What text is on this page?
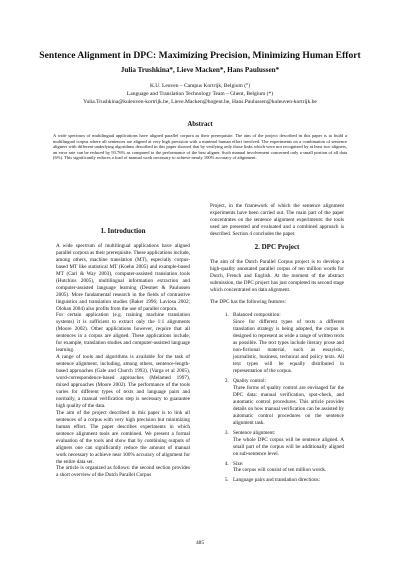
Sentence Alignment in DPC: Maximizing Precision, Minimizing Human Effort
Julia Trushkina*, Lieve Macken*, Hans Paulussen*
K.U. Leuven – Campus Kortrijk, Belgium (°)
Language and Translation Technology Team – Ghent, Belgium (*)
Yulia.Trushkina@kuleuven-kortrijk.be, Lieve.Macken@hogent.be, Hans.Paulussen@kuleuven-kortrijk.be
Abstract
A wide spectrum of multilingual applications have aligned parallel corpora as their prerequisite. The aim of the project described in this paper is to build a multilingual corpus where all sentences are aligned at very high precision with a minimal human effort involved. The experiments on a combination of sentence aligners with different underlying algorithms described in this paper showed that by verifying only those links which were not recognized by at least two aligners, an error rate can be reduced by 93.76% as compared to the performance of the best aligner. Such manual involvement concerned only a small portion of all data (6%). This significantly reduces a load of manual work necessary to achieve nearly 100% accuracy of alignment.
1. Introduction

A wide spectrum of multilingual applications have aligned parallel corpora as their prerequisite. These applications include, among others, machine translation (MT), especially corpus-based MT like statistical MT (Koehn 2005) and example-based MT (Carl & Way 2003), computer-assisted translation tools (Hutchins 2005), multilingual information extraction and computer-assisted language learning (Desmet & Paulussen 2005). More fundamental research in the fields of contrastive linguistics and translation studies (Baker 1996; Laviosa 2002; Olohan 2004) also profits from the use of parallel corpora.

For certain application (e.g. training machine translation systems) it is sufficient to extract only the 1:1 alignments (Moore 2002). Other applications however, require that all sentences in a corpus are aligned. These applications include, for example, translation studies and computer-assisted language learning.

A range of tools and algorithms is available for the task of sentence alignment, including, among others, sentence-length-based approaches (Gale and Church 1993), (Varga et al 2005), word-correspondence-based approaches (Melamed 1997), mixed approaches (Moore 2002). The performance of the tools varies for different types of texts and language pairs and normally, a manual verification step is necessary to guarantee high quality of the data.

The aim of the project described in this paper is to link all sentences of a corpus with very high precision but minimizing human effort. The paper describes experiments in which sentence alignment tools are combined. We present a formal evaluation of the tools and show that by combining outputs of aligners one can significantly reduce the amount of manual work necessary to achieve near 100% accuracy of alignment for the entire data set.

The article is organized as follows: the second section provides a short overview of the Dutch Parallel Corpus

Project, in the framework of which the sentence alignment experiments have been carried out. The main part of the paper concentrates on the sentence alignment experiments: the tools used are presented and evaluated and a combined approach is described. Section 4 concludes the paper.

2. DPC Project

The aim of the Dutch Parallel Corpus project is to develop a high-quality annotated parallel corpus of ten million words for Dutch, French and English. At the moment of the abstract submission, the DPC project has just completed its second stage which concentrated on data alignment.

The DPC has the following features:

1. Balanced composition:
Since for different types of texts a different translation strategy is being adopted, the corpus is designed to represent as wide a range of written texts as possible. The text types include literary prose and non-fictional material, such as essayistic, journalistic, business, technical and policy texts. All text types will be equally distributed in representation of the corpus.
2. Quality control:
Three forms of quality control are envisaged for the DPC data: manual verification, spot-check, and automatic control procedures. This article provides details on how manual verification can be assisted by automatic control procedures on the sentence alignment task.
3. Sentence alignment:
The whole DPC corpus will be sentence aligned. A small part of the corpus will be additionally aligned on sub-sentence level.
4. Size:
The corpus will consist of ten million words.
5. Language pairs and translation directions:
485
